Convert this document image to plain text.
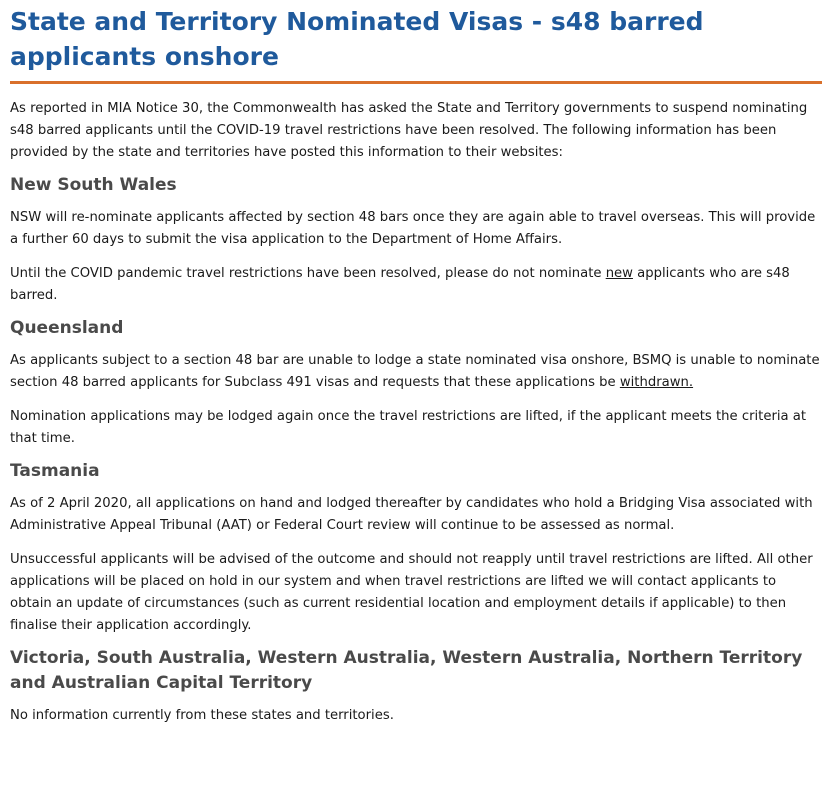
State and Territory Nominated Visas - s48 barred applicants onshore

As reported in MIA Notice 30, the Commonwealth has asked the State and Territory governments to suspend nominating s48 barred applicants until the COVID-19 travel restrictions have been resolved. The following information has been provided by the state and territories have posted this information to their websites:

New South Wales

NSW will re-nominate applicants affected by section 48 bars once they are again able to travel overseas. This will provide a further 60 days to submit the visa application to the Department of Home Affairs.

Until the COVID pandemic travel restrictions have been resolved, please do not nominate new applicants who are s48 barred.

Queensland

As applicants subject to a section 48 bar are unable to lodge a state nominated visa onshore, BSMQ is unable to nominate section 48 barred applicants for Subclass 491 visas and requests that these applications be withdrawn.

Nomination applications may be lodged again once the travel restrictions are lifted, if the applicant meets the criteria at that time.

Tasmania

As of 2 April 2020, all applications on hand and lodged thereafter by candidates who hold a Bridging Visa associated with Administrative Appeal Tribunal (AAT) or Federal Court review will continue to be assessed as normal.

Unsuccessful applicants will be advised of the outcome and should not reapply until travel restrictions are lifted. All other applications will be placed on hold in our system and when travel restrictions are lifted we will contact applicants to obtain an update of circumstances (such as current residential location and employment details if applicable) to then finalise their application accordingly.

Victoria, South Australia, Western Australia, Western Australia, Northern Territory and Australian Capital Territory

No information currently from these states and territories.
